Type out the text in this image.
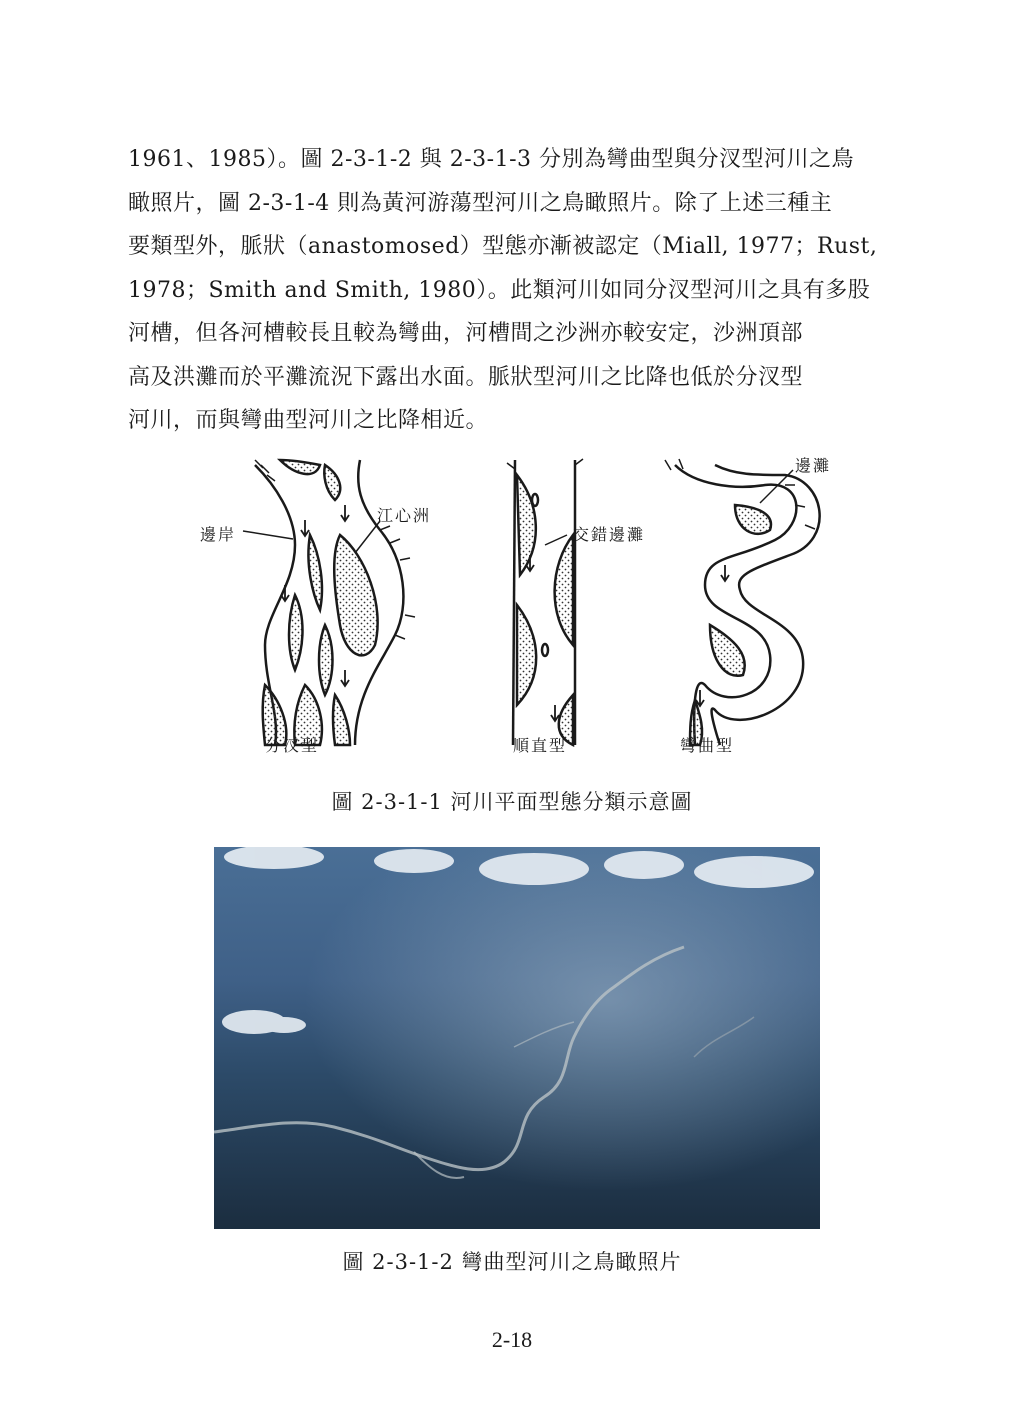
1961、1985）。圖 2-3-1-2 與 2-3-1-3 分別為彎曲型與分汊型河川之鳥
瞰照片，圖 2-3-1-4 則為黃河游蕩型河川之鳥瞰照片。除了上述三種主
要類型外，脈狀（anastomosed）型態亦漸被認定（Miall, 1977；Rust,
1978；Smith and Smith, 1980）。此類河川如同分汊型河川之具有多股
河槽，但各河槽較長且較為彎曲，河槽間之沙洲亦較安定，沙洲頂部
高及洪灘而於平灘流況下露出水面。脈狀型河川之比降也低於分汊型
河川，而與彎曲型河川之比降相近。
邊岸
江心洲
交錯邊灘
邊灘
分汊型	順直型	彎曲型
圖 2-3-1-1 河川平面型態分類示意圖
圖 2-3-1-2 彎曲型河川之鳥瞰照片
2-18
